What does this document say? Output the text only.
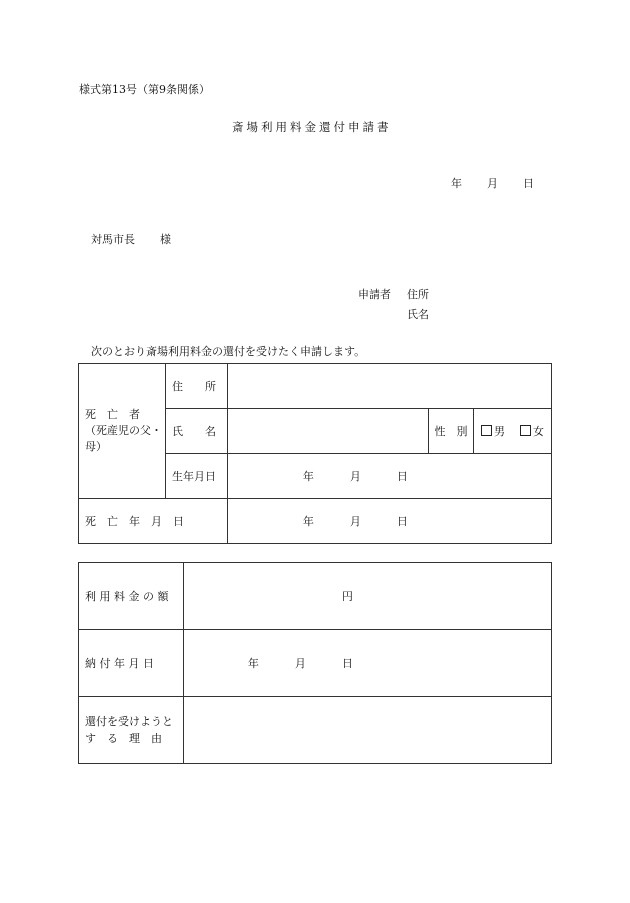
様式第13号（第9条関係）
斎場利用料金還付申請書
年 月 日
対馬市長 様
申請者 住所
氏名
次のとおり斎場利用料金の還付を受けたく申請します。
死　亡　者
（死産児の父・母）	住　　所			
	氏　　名		性　別	男 女
	生年月日	年 月 日		

死　亡　年　月　日		年 月 日		
利 用 料 金 の 額	円
納 付 年 月 日	年 月 日

還付を受けようと
す　る　理　由	
